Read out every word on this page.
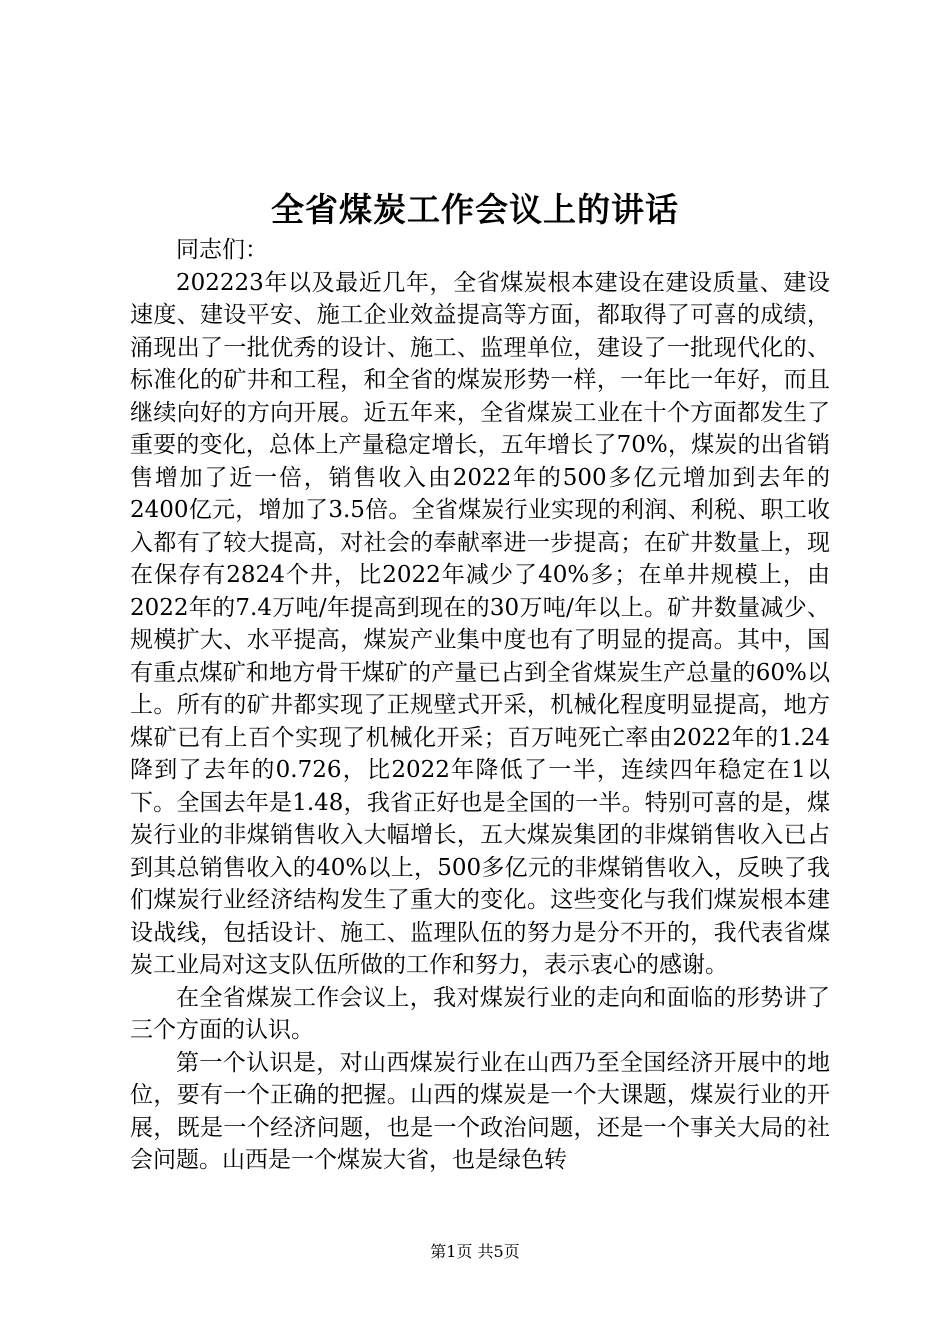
全省煤炭工作会议上的讲话

同志们：

202223年以及最近几年，全省煤炭根本建设在建设质量、建设速度、建设平安、施工企业效益提高等方面，都取得了可喜的成绩，涌现出了一批优秀的设计、施工、监理单位，建设了一批现代化的、标准化的矿井和工程，和全省的煤炭形势一样，一年比一年好，而且继续向好的方向开展。近五年来，全省煤炭工业在十个方面都发生了重要的变化，总体上产量稳定增长，五年增长了70%，煤炭的出省销售增加了近一倍，销售收入由2022年的500多亿元增加到去年的2400亿元，增加了3.5倍。全省煤炭行业实现的利润、利税、职工收入都有了较大提高，对社会的奉献率进一步提高；在矿井数量上，现在保存有2824个井，比2022年减少了40%多；在单井规模上，由2022年的7.4万吨/年提高到现在的30万吨/年以上。矿井数量减少、规模扩大、水平提高，煤炭产业集中度也有了明显的提高。其中，国有重点煤矿和地方骨干煤矿的产量已占到全省煤炭生产总量的60%以上。所有的矿井都实现了正规壁式开采，机械化程度明显提高，地方煤矿已有上百个实现了机械化开采；百万吨死亡率由2022年的1.24降到了去年的0.726，比2022年降低了一半，连续四年稳定在1以下。全国去年是1.48，我省正好也是全国的一半。特别可喜的是，煤炭行业的非煤销售收入大幅增长，五大煤炭集团的非煤销售收入已占到其总销售收入的40%以上，500多亿元的非煤销售收入，反映了我们煤炭行业经济结构发生了重大的变化。这些变化与我们煤炭根本建设战线，包括设计、施工、监理队伍的努力是分不开的，我代表省煤炭工业局对这支队伍所做的工作和努力，表示衷心的感谢。

在全省煤炭工作会议上，我对煤炭行业的走向和面临的形势讲了三个方面的认识。

第一个认识是，对山西煤炭行业在山西乃至全国经济开展中的地位，要有一个正确的把握。山西的煤炭是一个大课题，煤炭行业的开展，既是一个经济问题，也是一个政治问题，还是一个事关大局的社会问题。山西是一个煤炭大省，也是绿色转

第1页 共5页
